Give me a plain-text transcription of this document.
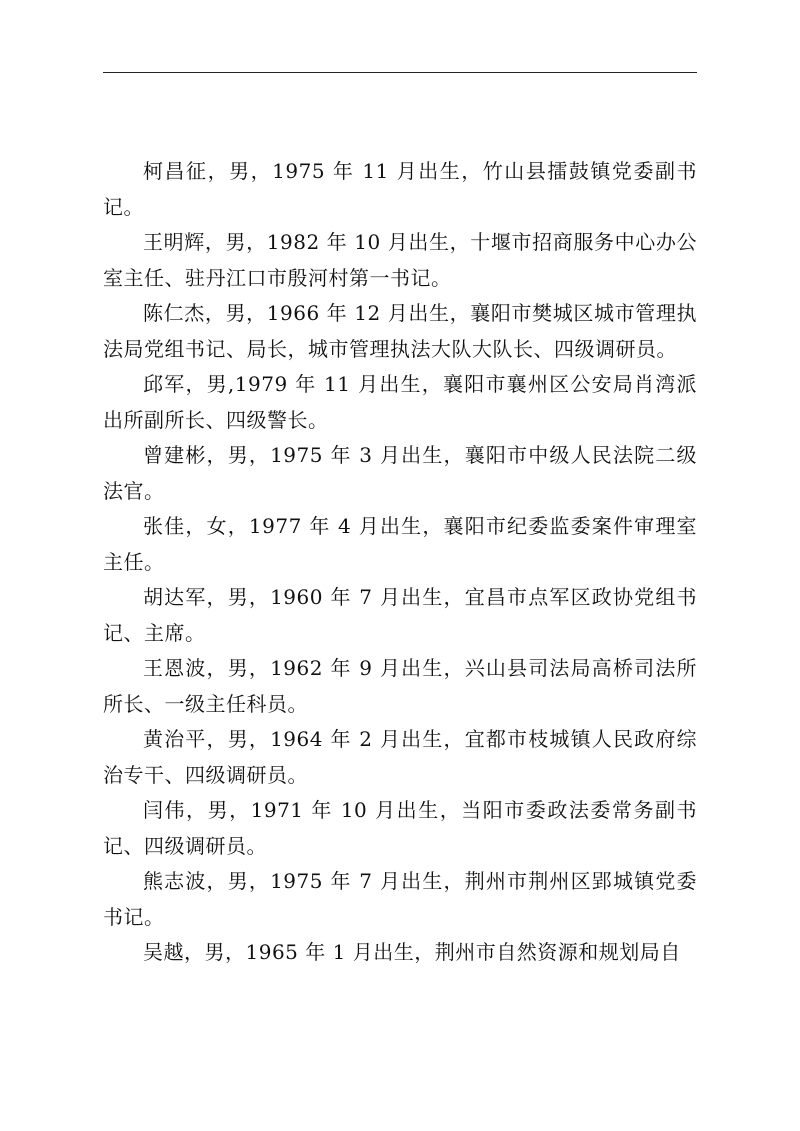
柯昌征，男，1975 年 11 月出生，竹山县擂鼓镇党委副书记。

王明辉，男，1982 年 10 月出生，十堰市招商服务中心办公室主任、驻丹江口市殷河村第一书记。

陈仁杰，男，1966 年 12 月出生，襄阳市樊城区城市管理执法局党组书记、局长，城市管理执法大队大队长、四级调研员。

邱军，男,1979 年 11 月出生，襄阳市襄州区公安局肖湾派出所副所长、四级警长。

曾建彬，男，1975 年 3 月出生，襄阳市中级人民法院二级法官。

张佳，女，1977 年 4 月出生，襄阳市纪委监委案件审理室主任。

胡达军，男，1960 年 7 月出生，宜昌市点军区政协党组书记、主席。

王恩波，男，1962 年 9 月出生，兴山县司法局高桥司法所所长、一级主任科员。

黄治平，男，1964 年 2 月出生，宜都市枝城镇人民政府综治专干、四级调研员。

闫伟，男，1971 年 10 月出生，当阳市委政法委常务副书记、四级调研员。

熊志波，男，1975 年 7 月出生，荆州市荆州区郢城镇党委书记。

吴越，男，1965 年 1 月出生，荆州市自然资源和规划局自
